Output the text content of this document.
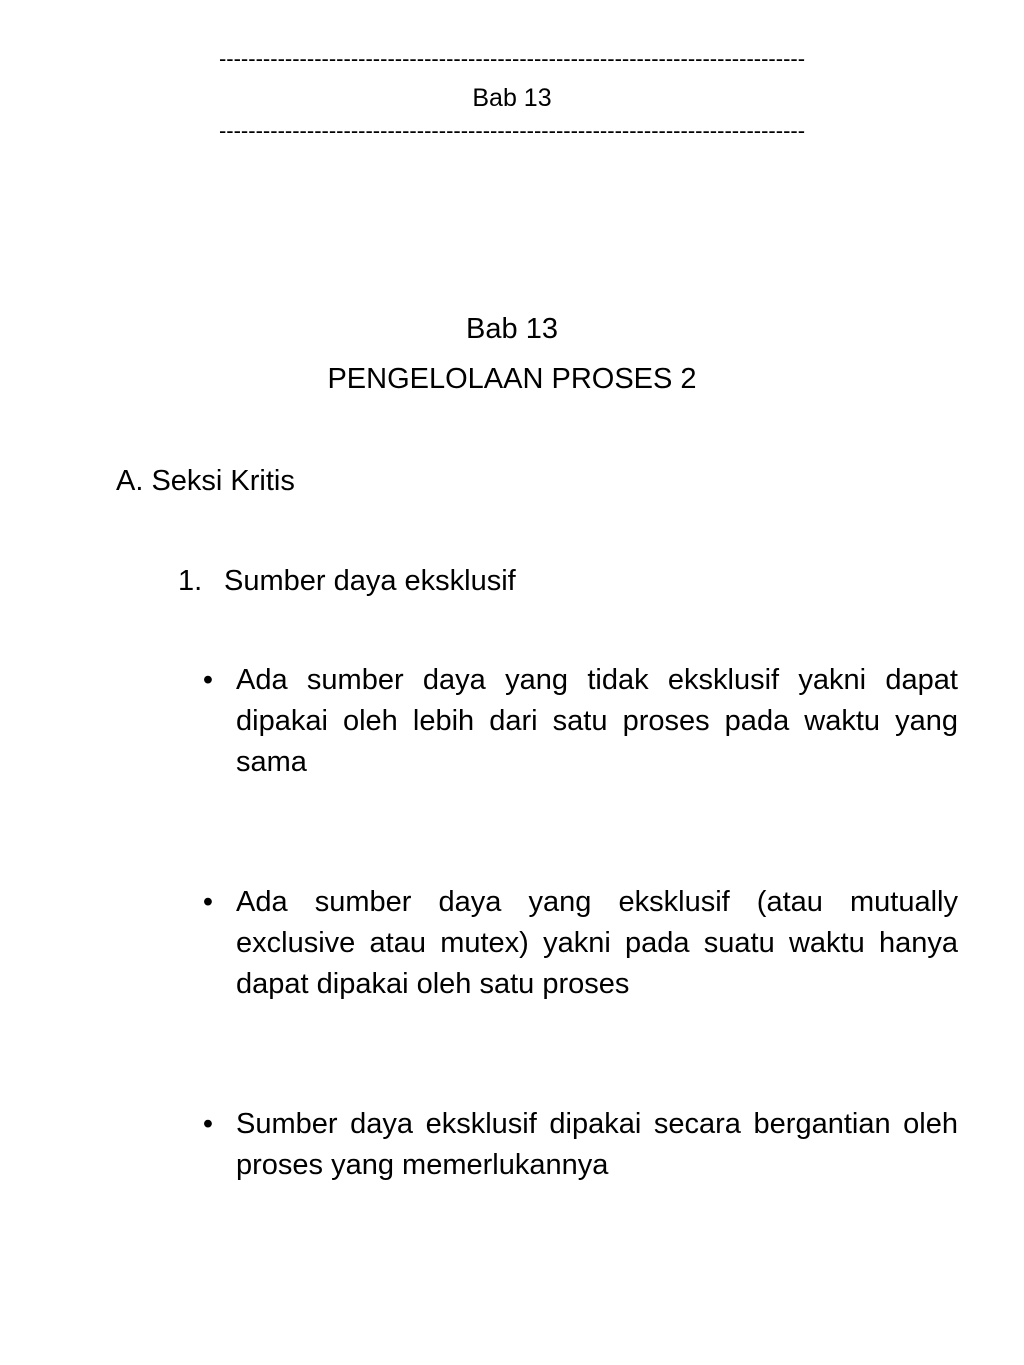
--------------------------------------------------------------------------------
Bab 13
--------------------------------------------------------------------------------
Bab 13
PENGELOLAAN PROSES 2
A. Seksi Kritis
1. Sumber daya eksklusif
• Ada sumber daya yang tidak eksklusif yakni dapat dipakai oleh lebih dari satu proses pada waktu yang sama
• Ada sumber daya yang eksklusif (atau mutually exclusive atau mutex) yakni pada suatu waktu hanya dapat dipakai oleh satu proses
• Sumber daya eksklusif dipakai secara bergantian oleh proses yang memerlukannya
